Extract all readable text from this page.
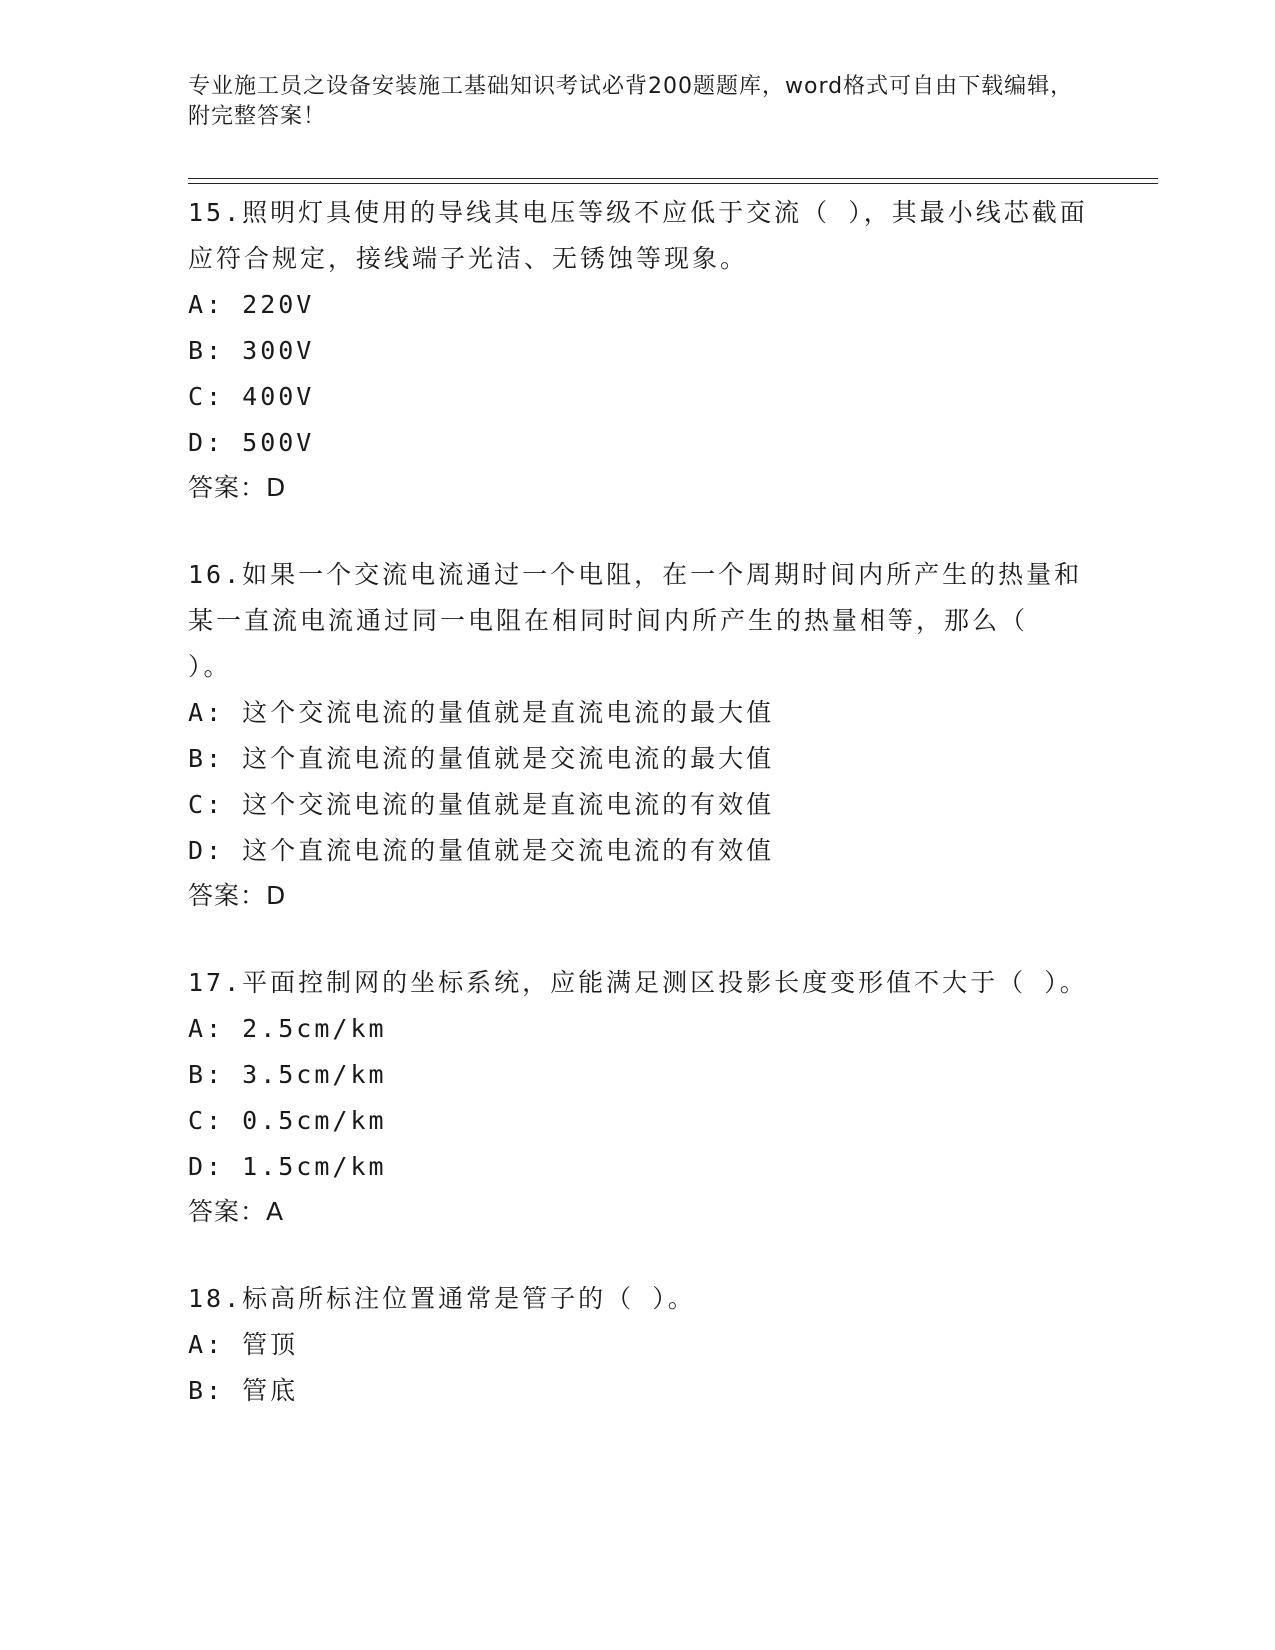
专业施工员之设备安装施工基础知识考试必背200题题库，word格式可自由下载编辑，附完整答案！

15.照明灯具使用的导线其电压等级不应低于交流（ ），其最小线芯截面应符合规定，接线端子光洁、无锈蚀等现象。

A: 220V

B: 300V

C: 400V

D: 500V

答案：D

16.如果一个交流电流通过一个电阻，在一个周期时间内所产生的热量和某一直流电流通过同一电阻在相同时间内所产生的热量相等，那么（ ）。

A: 这个交流电流的量值就是直流电流的最大值

B: 这个直流电流的量值就是交流电流的最大值

C: 这个交流电流的量值就是直流电流的有效值

D: 这个直流电流的量值就是交流电流的有效值

答案：D

17.平面控制网的坐标系统，应能满足测区投影长度变形值不大于（ ）。

A: 2.5cm/km

B: 3.5cm/km

C: 0.5cm/km

D: 1.5cm/km

答案：A

18.标高所标注位置通常是管子的（ ）。

A: 管顶

B: 管底
